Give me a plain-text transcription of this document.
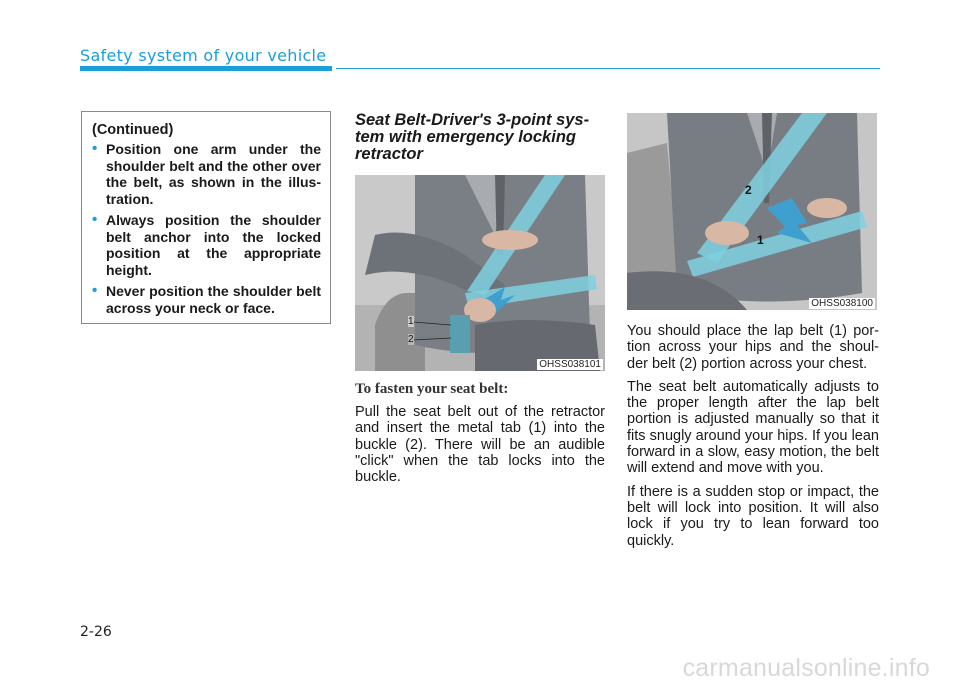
Safety system of your vehicle
(Continued)
• Position one arm under the shoulder belt and the other over the belt, as shown in the illus- tration.
• Always position the shoulder belt anchor into the locked position at the appropriate height.
• Never position the shoulder belt across your neck or face.
Seat Belt-Driver's 3-point sys- tem with emergency locking retractor
1
2
OHSS038101
To fasten your seat belt:

Pull the seat belt out of the retractor and insert the metal tab (1) into the buckle (2). There will be an audible "click" when the tab locks into the buckle.

2
1
OHSS038100

You should place the lap belt (1) por- tion across your hips and the shoul- der belt (2) portion across your chest.

The seat belt automatically adjusts to the proper length after the lap belt portion is adjusted manually so that it fits snugly around your hips. If you lean forward in a slow, easy motion, the belt will extend and move with you.

If there is a sudden stop or impact, the belt will lock into position. It will also lock if you try to lean forward too quickly.

2-26
carmanualsonline.info
